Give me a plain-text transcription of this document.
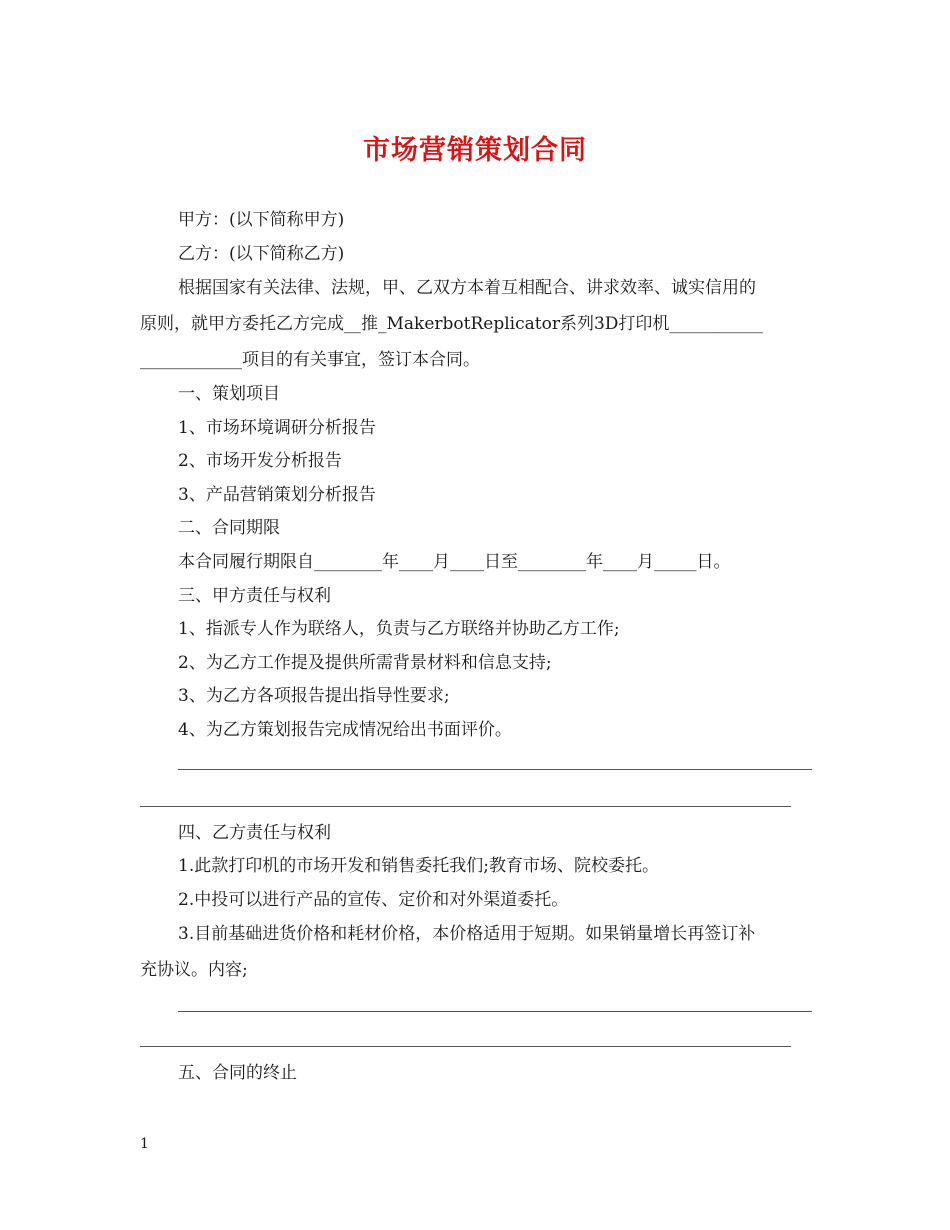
市场营销策划合同
甲方：(以下简称甲方)
乙方：(以下简称乙方)
根据国家有关法律、法规，甲、乙双方本着互相配合、讲求效率、诚实信用的
原则，就甲方委托乙方完成__推_MakerbotReplicator系列3D打印机___________
____________项目的有关事宜，签订本合同。
一、策划项目
1、市场环境调研分析报告
2、市场开发分析报告
3、产品营销策划分析报告
二、合同期限
本合同履行期限自________年____月____日至________年____月_____日。
三、甲方责任与权利
1、指派专人作为联络人，负责与乙方联络并协助乙方工作;
2、为乙方工作提及提供所需背景材料和信息支持;
3、为乙方各项报告提出指导性要求;
4、为乙方策划报告完成情况给出书面评价。
四、乙方责任与权利
1.此款打印机的市场开发和销售委托我们;教育市场、院校委托。
2.中投可以进行产品的宣传、定价和对外渠道委托。
3.目前基础进货价格和耗材价格，本价格适用于短期。如果销量增长再签订补
充协议。内容;
五、合同的终止
1
